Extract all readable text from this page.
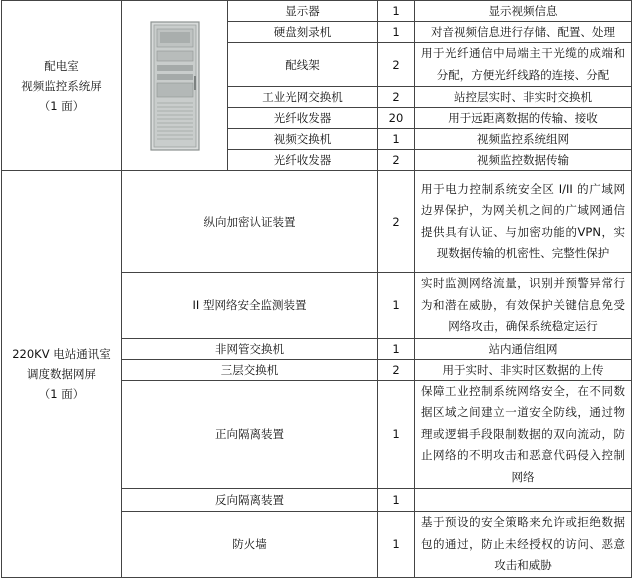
配电室
视频监控系统屏
（1 面）		显示器	1	显示视频信息
		硬盘刻录机	1	对音视频信息进行存储、配置、处理
		配线架	2	用于光纤通信中局端主干光缆的成端和分配，方便光纤线路的连接、分配
		工业光网交换机	2	站控层实时、非实时交换机
		光纤收发器	20	用于远距离数据的传输、接收
		视频交换机	1	视频监控系统组网
		光纤收发器	2	视频监控数据传输

220KV 电站通讯室
调度数据网屏
（1 面）	纵向加密认证装置		2	用于电力控制系统安全区 I/II 的广域网边界保护，为网关机之间的广域网通信提供具有认证、与加密功能的VPN，实现数据传输的机密性、完整性保护
	II 型网络安全监测装置		1	实时监测网络流量，识别并预警异常行为和潜在威胁，有效保护关键信息免受网络攻击，确保系统稳定运行
	非网管交换机		1	站内通信组网
	三层交换机		2	用于实时、非实时区数据的上传
	正向隔离装置		1	保障工业控制系统网络安全，在不同数据区域之间建立一道安全防线，通过物理或逻辑手段限制数据的双向流动，防止网络的不明攻击和恶意代码侵入控制网络
	反向隔离装置		1	
	防火墙		1	基于预设的安全策略来允许或拒绝数据包的通过，防止未经授权的访问、恶意攻击和威胁
